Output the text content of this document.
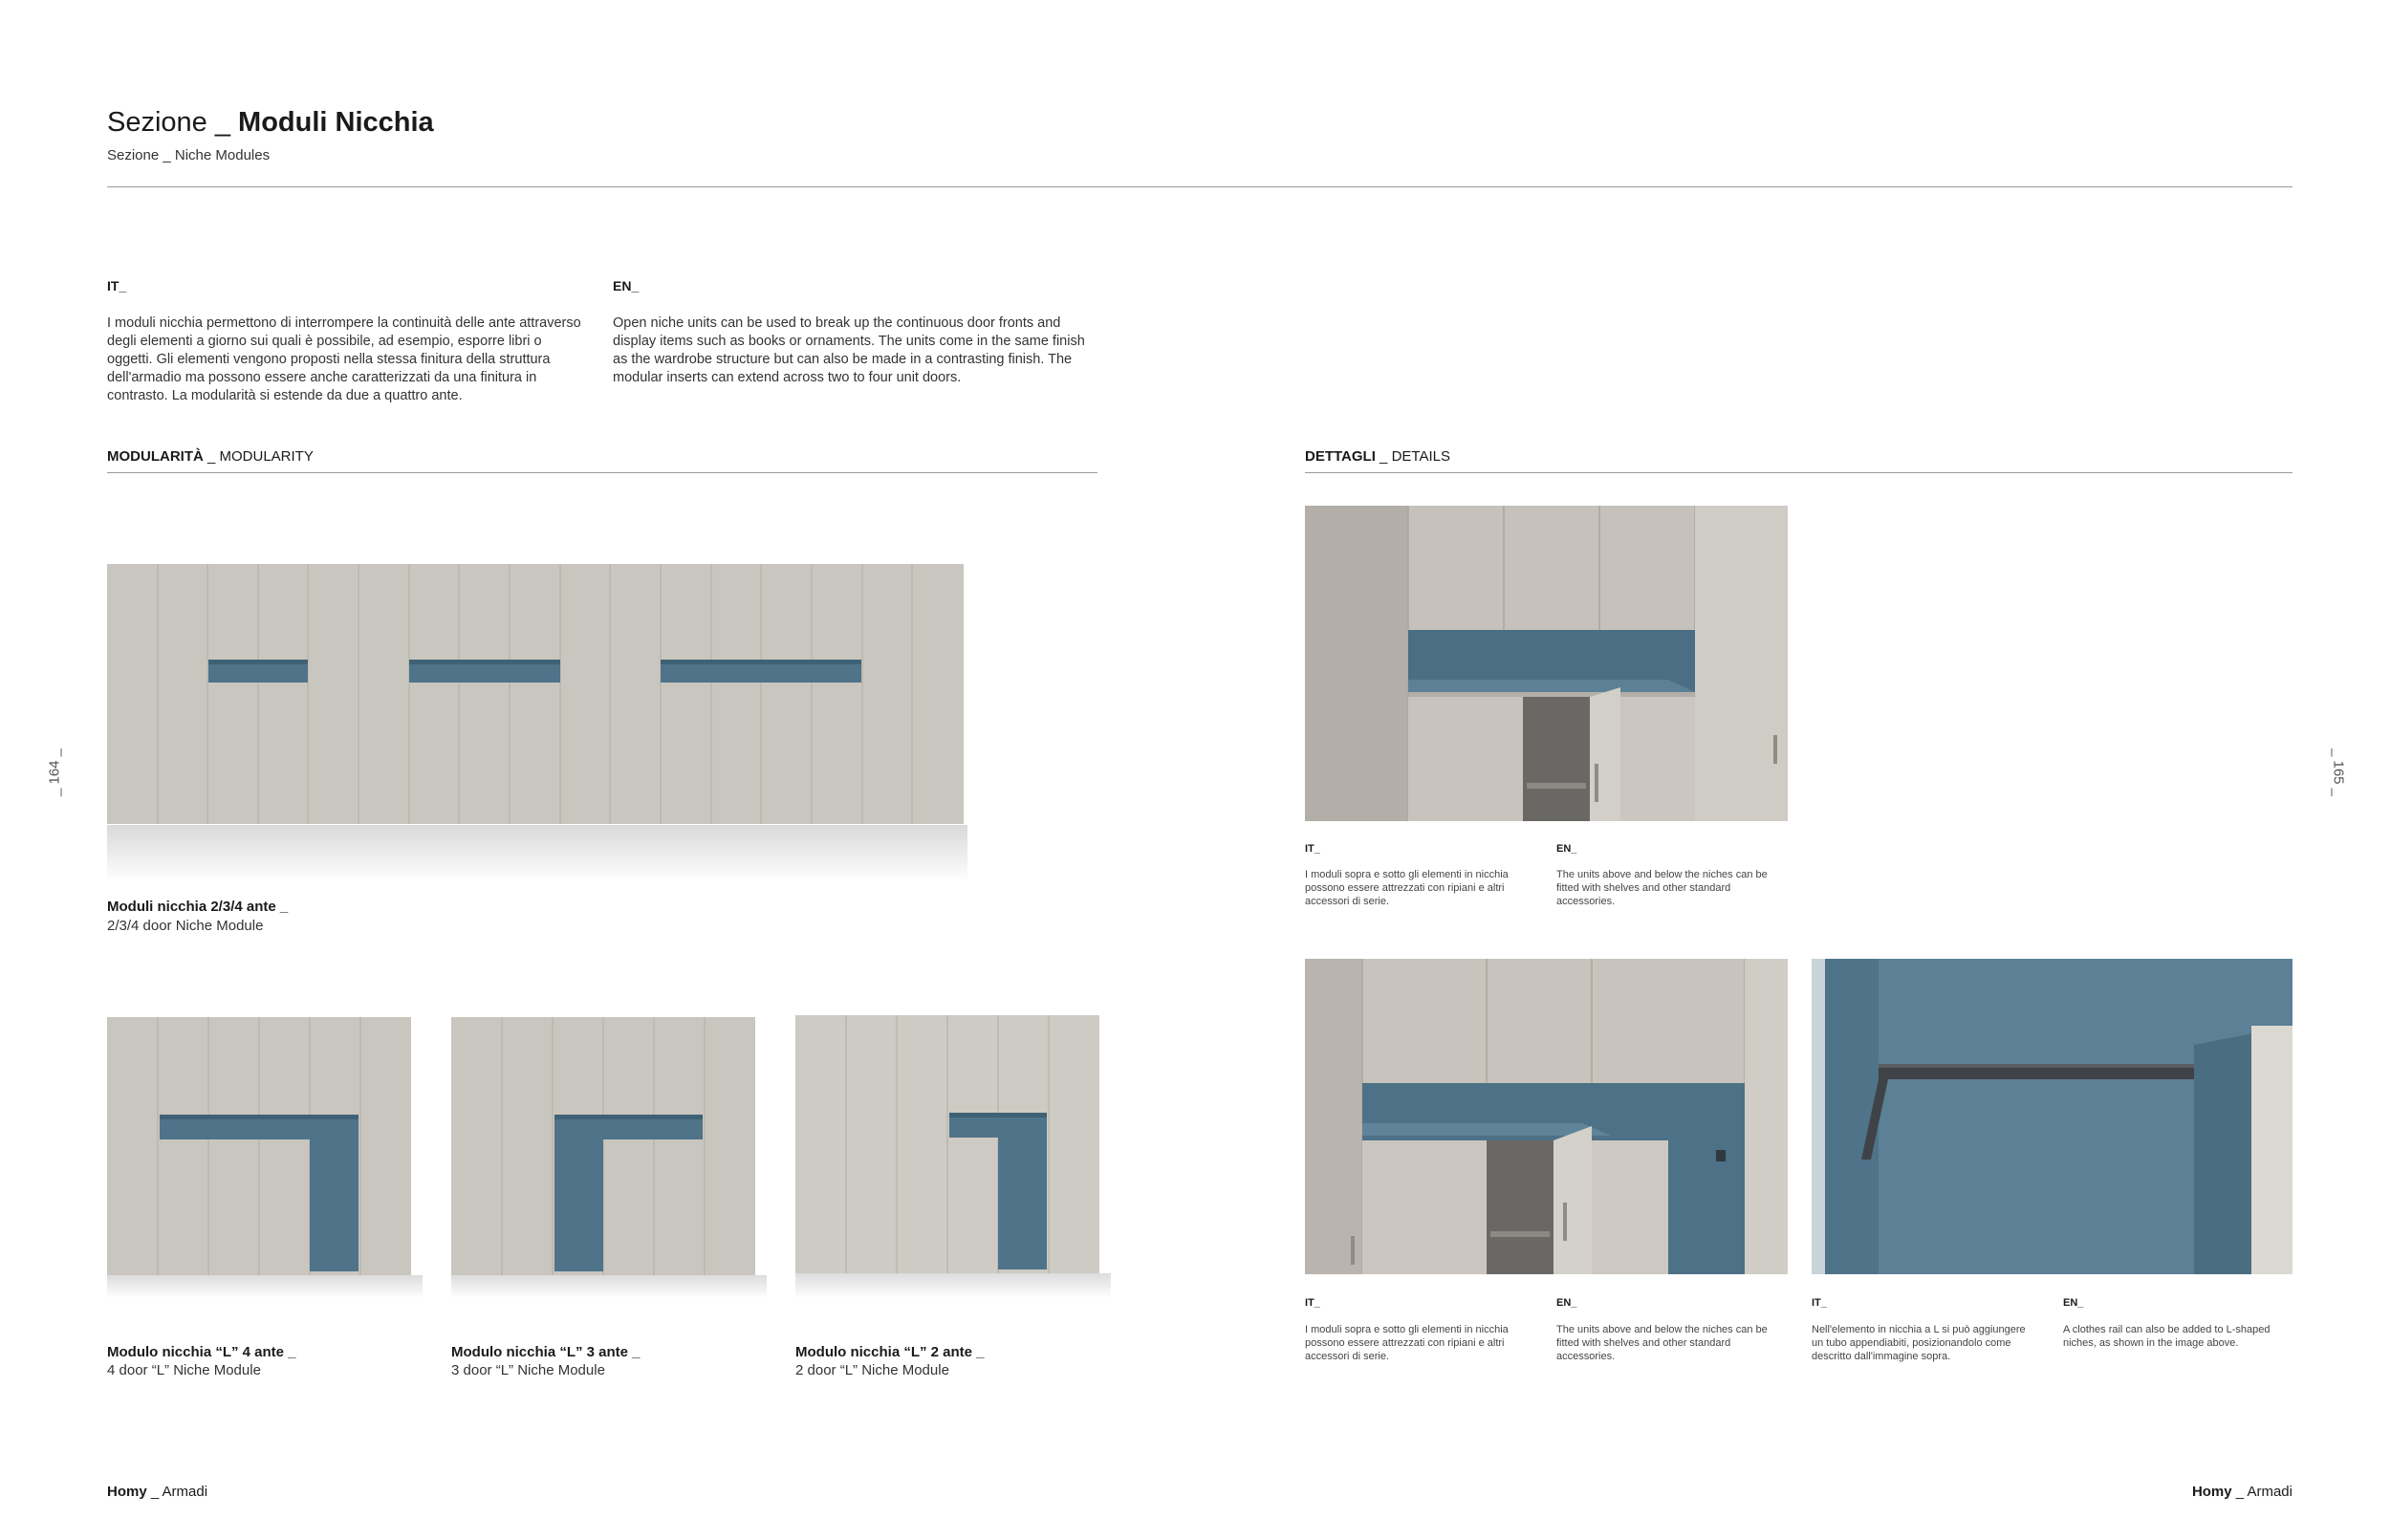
Sezione _ Moduli Nicchia
Sezione _ Niche Modules
IT_
I moduli nicchia permettono di interrompere la continuità delle ante attraverso degli elementi a giorno sui quali è possibile, ad esempio, esporre libri o oggetti. Gli elementi vengono proposti nella stessa finitura della struttura dell'armadio ma possono essere anche caratterizzati da una finitura in contrasto. La modularità si estende da due a quattro ante.
EN_
Open niche units can be used to break up the continuous door fronts and display items such as books or ornaments. The units come in the same finish as the wardrobe structure but can also be made in a contrasting finish. The modular inserts can extend across two to four unit doors.
MODULARITÀ _ MODULARITY	DETTAGLI _ DETAILS
Moduli nicchia 2/3/4 ante _
2/3/4 door Niche Module
Modulo nicchia “L” 4 ante _
4 door “L” Niche Module
Modulo nicchia “L” 3 ante _
3 door “L” Niche Module
Modulo nicchia “L” 2 ante _
2 door “L” Niche Module
IT_
I moduli sopra e sotto gli elementi in nicchia possono essere attrezzati con ripiani e altri accessori di serie.
EN_
The units above and below the niches can be fitted with shelves and other standard accessories.
IT_
I moduli sopra e sotto gli elementi in nicchia possono essere attrezzati con ripiani e altri accessori di serie.
EN_
The units above and below the niches can be fitted with shelves and other standard accessories.
IT_
Nell'elemento in nicchia a L si può aggiungere un tubo appendiabiti, posizionandolo come descritto dall'immagine sopra.
EN_
A clothes rail can also be added to L-shaped niches, as shown in the image above.
_ 164 _	_ 165 _
Homy _ Armadi	Homy _ Armadi
